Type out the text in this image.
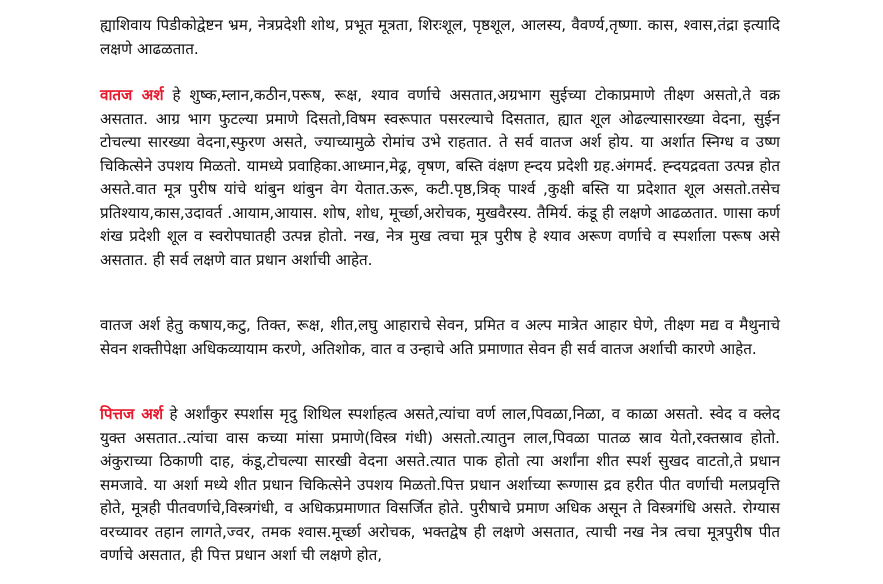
ह्याशिवाय पिडीकोद्वेष्टन भ्रम, नेत्रप्रदेशी शोथ, प्रभूत मूत्रता, शिरःशूल, पृष्ठशूल, आलस्य, वैवर्ण्य,तृष्णा. कास, श्वास,तंद्रा इत्यादि लक्षणे आढळतात.

वातज अर्श हे शुष्क,म्लान,कठीन,परूष, रूक्ष, श्याव वर्णाचे असतात,अग्रभाग सुईच्या टोकाप्रमाणे तीक्ष्ण असतो,ते वक्र असतात. आग्र भाग फुटल्या प्रमाणे दिसतो,विषम स्वरूपात पसरल्याचे दिसतात, ह्यात शूल ओढल्यासारख्या वेदना, सुईन टोचल्या सारख्या वेदना,स्फुरण असते, ज्याच्यामुळे रोमांच उभे राहतात. ते सर्व वातज अर्श होय. या अर्शात स्निग्ध व उष्ण चिकित्सेने उपशय मिळतो. यामध्ये प्रवाहिका.आध्मान,मेढ्र, वृषण, बस्ति वंक्षण ह्न्दय प्रदेशी ग्रह.अंगमर्द. ह्न्दयद्रवता उत्पन्न होत असते.वात मूत्र पुरीष यांचे थांबुन थांबुन वेग येतात.ऊरू, कटी.पृष्ठ,त्रिक् पार्श्व ,कुक्षी बस्ति या प्रदेशात शूल असतो.तसेच प्रतिश्याय,कास,उदावर्त .आयाम,आयास. शोष, शोध, मूर्च्छा,अरोचक, मुखवैरस्य. तैमिर्य. कंडू ही लक्षणे आढळतात. णासा कर्ण शंख प्रदेशी शूल व स्वरोपघातही उत्पन्न होतो. नख, नेत्र मुख त्वचा मूत्र पुरीष हे श्याव अरूण वर्णाचे व स्पर्शाला परूष असे असतात. ही सर्व लक्षणे वात प्रधान अर्शाची आहेत.

वातज अर्श हेतु कषाय,कटु, तिक्त, रूक्ष, शीत,लघु आहाराचे सेवन, प्रमित व अल्प मात्रेत आहार घेणे, तीक्ष्ण मद्य व मैथुनाचे सेवन शक्तीपेक्षा अधिकव्यायाम करणे, अतिशोक, वात व उन्हाचे अति प्रमाणात सेवन ही सर्व वातज अर्शाची कारणे आहेत.

पित्तज अर्श हे अर्शांकुर स्पर्शास मृदु शिथिल स्पर्शाहत्व असते,त्यांचा वर्ण लाल,पिवळा,निळा, व काळा असतो. स्वेद व क्लेद युक्त असतात..त्यांचा वास कच्या मांसा प्रमाणे(विस्त्र गंधी) असतो.त्यातुन लाल,पिवळा पातळ स्राव येतो,रक्तस्राव होतो. अंकुराच्या ठिकाणी दाह, कंडू,टोचल्या सारखी वेदना असते.त्यात पाक होतो त्या अर्शांना शीत स्पर्श सुखद वाटतो,ते प्रधान समजावे. या अर्शा मध्ये शीत प्रधान चिकित्सेने उपशय मिळतो.पित्त प्रधान अर्शाच्या रूग्णास द्रव हरीत पीत वर्णाची मलप्रवृत्ति होते, मूत्रही पीतवर्णाचे,विस्त्रगंधी, व अधिकप्रमाणात विसर्जित होते. पुरीषाचे प्रमाण अधिक असून ते विस्त्रगंधि असते. रोग्यास वरच्यावर तहान लागते,ज्वर, तमक श्वास.मूर्च्छा अरोचक, भक्तद्वेष ही लक्षणे असतात, त्याची नख नेत्र त्वचा मूत्रपुरीष पीत वर्णाचे असतात, ही पित्त प्रधान अर्शा ची लक्षणे होत,
